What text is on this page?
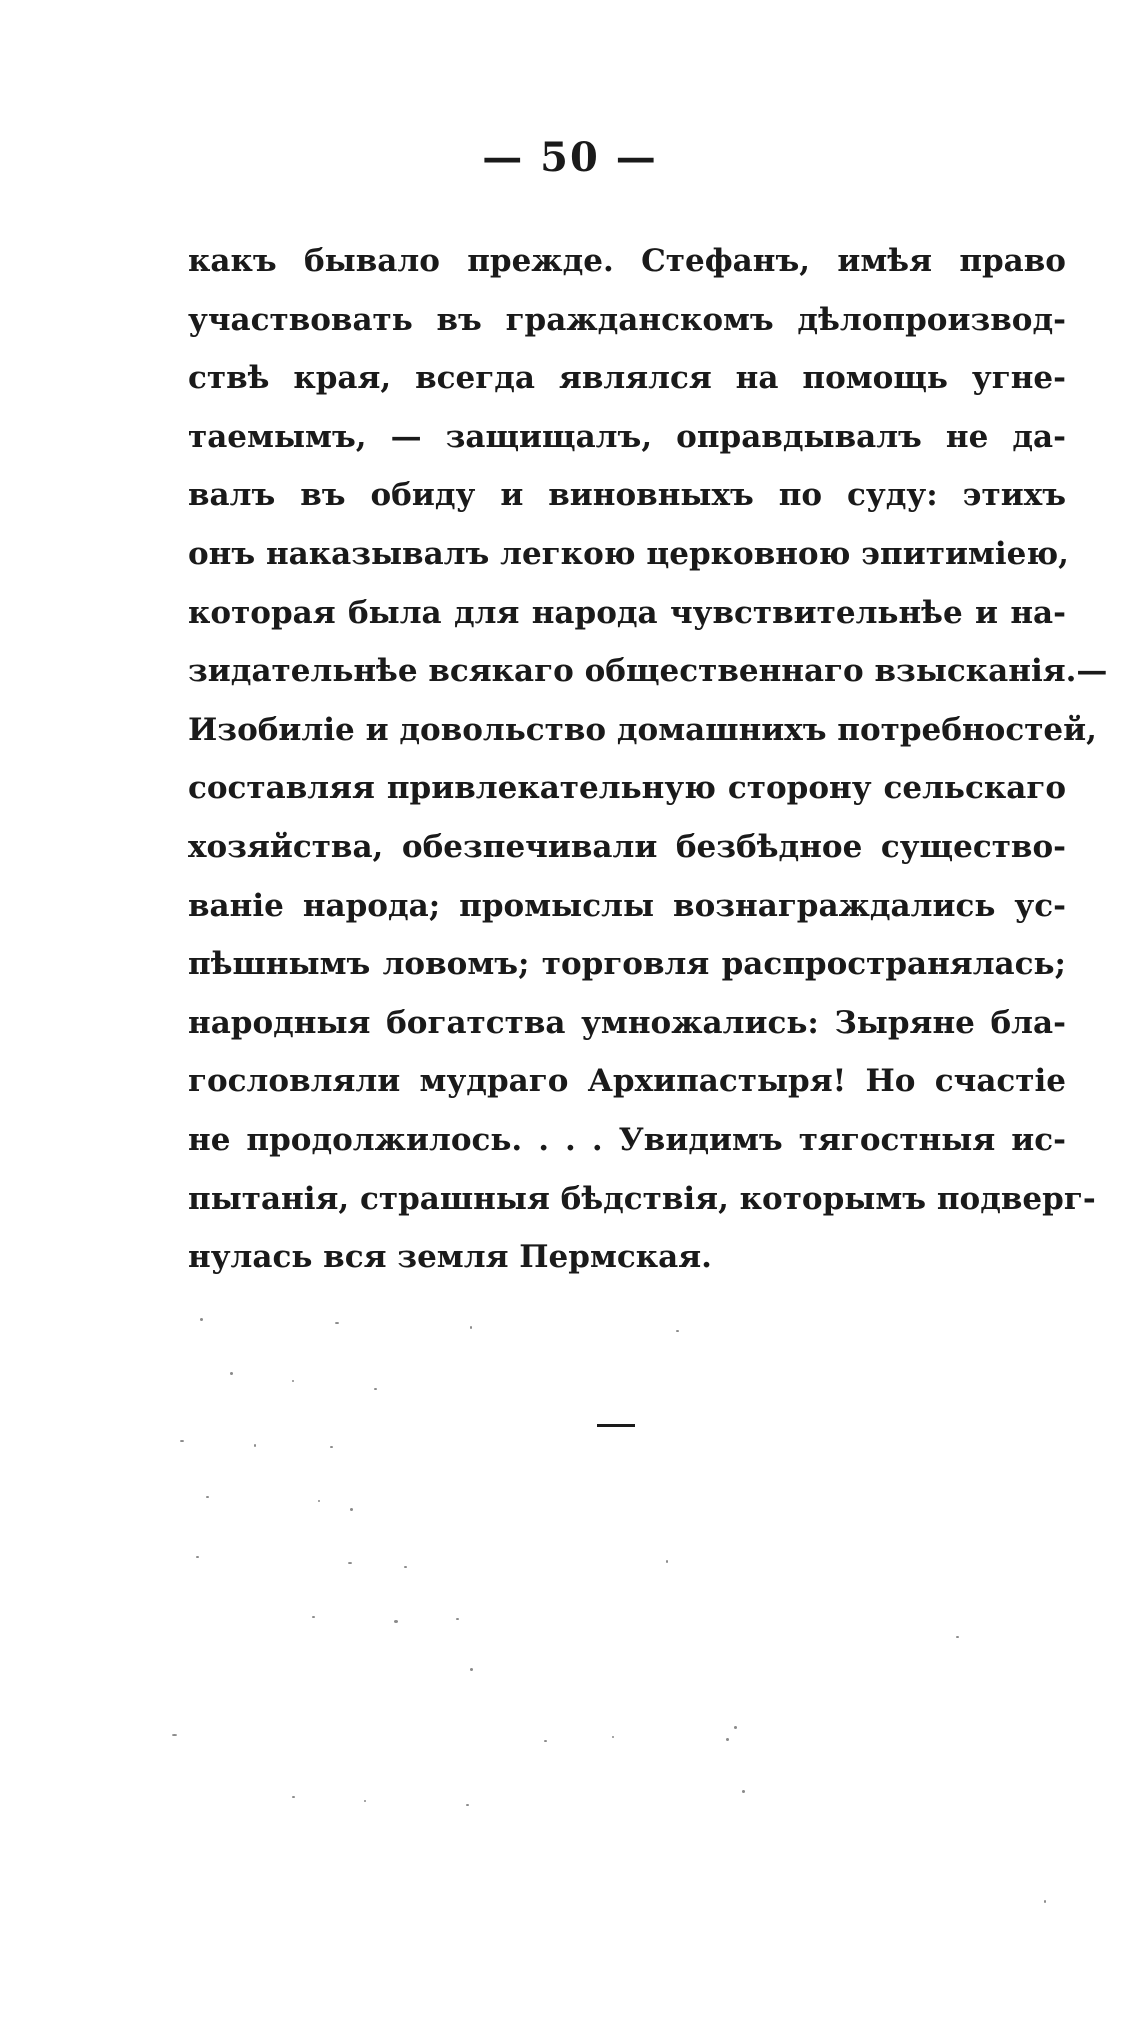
— 50 —
какъ бывало прежде. Стефанъ, имѣя право
участвовать въ гражданскомъ дѣлопроизвод-
ствѣ края, всегда являлся на помощь угне-
таемымъ, — защищалъ, оправдывалъ не да-
валъ въ обиду и виновныхъ по суду: этихъ
онъ наказывалъ легкою церковною эпитиміею,
которая была для народа чувствительнѣе и на-
зидательнѣе всякаго общественнаго взысканія.—
Изобиліе и довольство домашнихъ потребностей,
составляя привлекательную сторону сельскаго
хозяйства, обезпечивали безбѣдное существо-
ваніе народа; промыслы вознаграждались ус-
пѣшнымъ ловомъ; торговля распространялась;
народныя богатства умножались: Зыряне бла-
гословляли мудраго Архипастыря! Но счастіе
не продолжилось. . . . Увидимъ тягостныя ис-
пытанія, страшныя бѣдствія, которымъ подверг-
нулась вся земля Пермская.
